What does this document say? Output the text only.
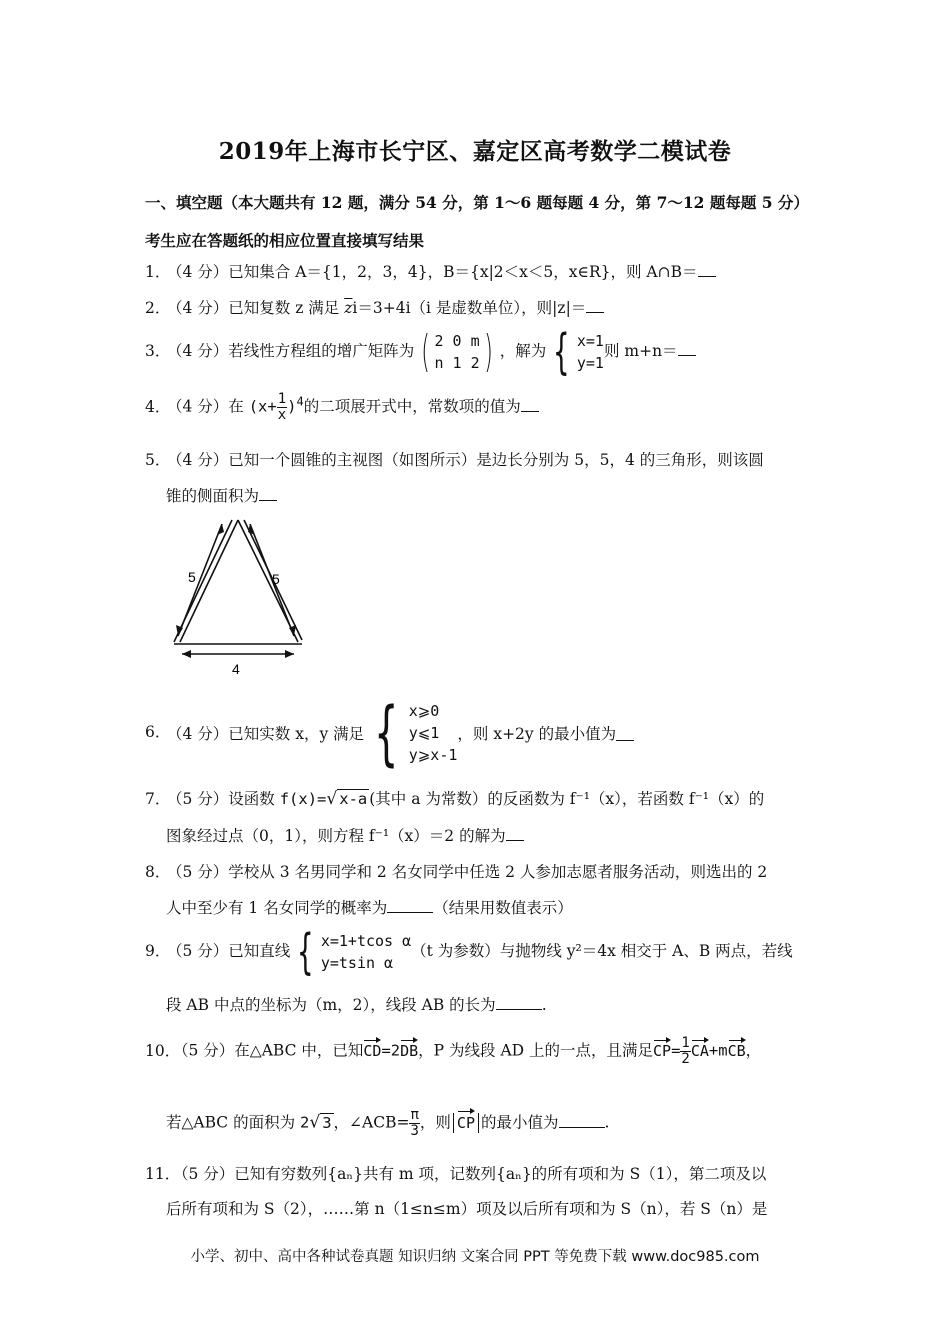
2019年上海市长宁区、嘉定区高考数学二模试卷
一、填空题（本大题共有 12 题，满分 54 分，第 1～6 题每题 4 分，第 7～12 题每题 5 分）
考生应在答题纸的相应位置直接填写结果
1．（4 分）已知集合 A＝{1，2，3，4}，B＝{x|2＜x＜5，x∈R}，则 A∩B＝
2．（4 分）已知复数 z 满足 $\overline{z}i=3+4i(i$ 是虚数单位），则|z|＝
3．（4 分）若线性方程组的增广矩阵为 ( 2 0 m
n 1 2 ) ，解为 { x=1
y=1
则 m+n＝
4．（4 分）在 $(x+ \frac{1}{x} )^4$的二项展开式中，常数项的值为
5．（4 分）已知一个圆锥的主视图（如图所示）是边长分别为 5，5，4 的三角形，则该圆
锥的侧面积为
5	5
4
6．（4 分）已知实数 x，y 满足 { x⩾0
y⩽1
y⩾x-1
，则 x+2y 的最小值为
7．（5 分）设函数 f(x)=√ x-a (其中 a 为常数）的反函数为 f⁻¹（x），若函数 f⁻¹（x）的
图象经过点（0，1），则方程 f⁻¹（x）＝2 的解为
8．（5 分）学校从 3 名男同学和 2 名女同学中任选 2 人参加志愿者服务活动，则选出的 2
人中至少有 1 名女同学的概率为	（结果用数值表示）
9．（5 分）已知直线 { x=1+tcos α
y=tsin α
（t 为参数）与抛物线 y²＝4x 相交于 A、B 两点，若线
段 AB 中点的坐标为（m，2），线段 AB 的长为	.
10．（5 分）在△ABC 中，已知CD=2DB，P 为线段 AD 上的一点，且满足$CP= \frac{1}{2} CA+mCB$，
若△ABC 的面积为 2√ 3 ，∠ACB= $\frac{\pi}{3}$ ，则 CP 的最小值为	.
11．（5 分）已知有穷数列{aₙ}共有 m 项，记数列{aₙ}的所有项和为 S（1），第二项及以
后所有项和为 S（2），……第 n（1≤n≤m）项及以后所有项和为 S（n），若 S（n）是
小学、初中、高中各种试卷真题 知识归纳 文案合同 PPT 等免费下载 www.doc985.com
